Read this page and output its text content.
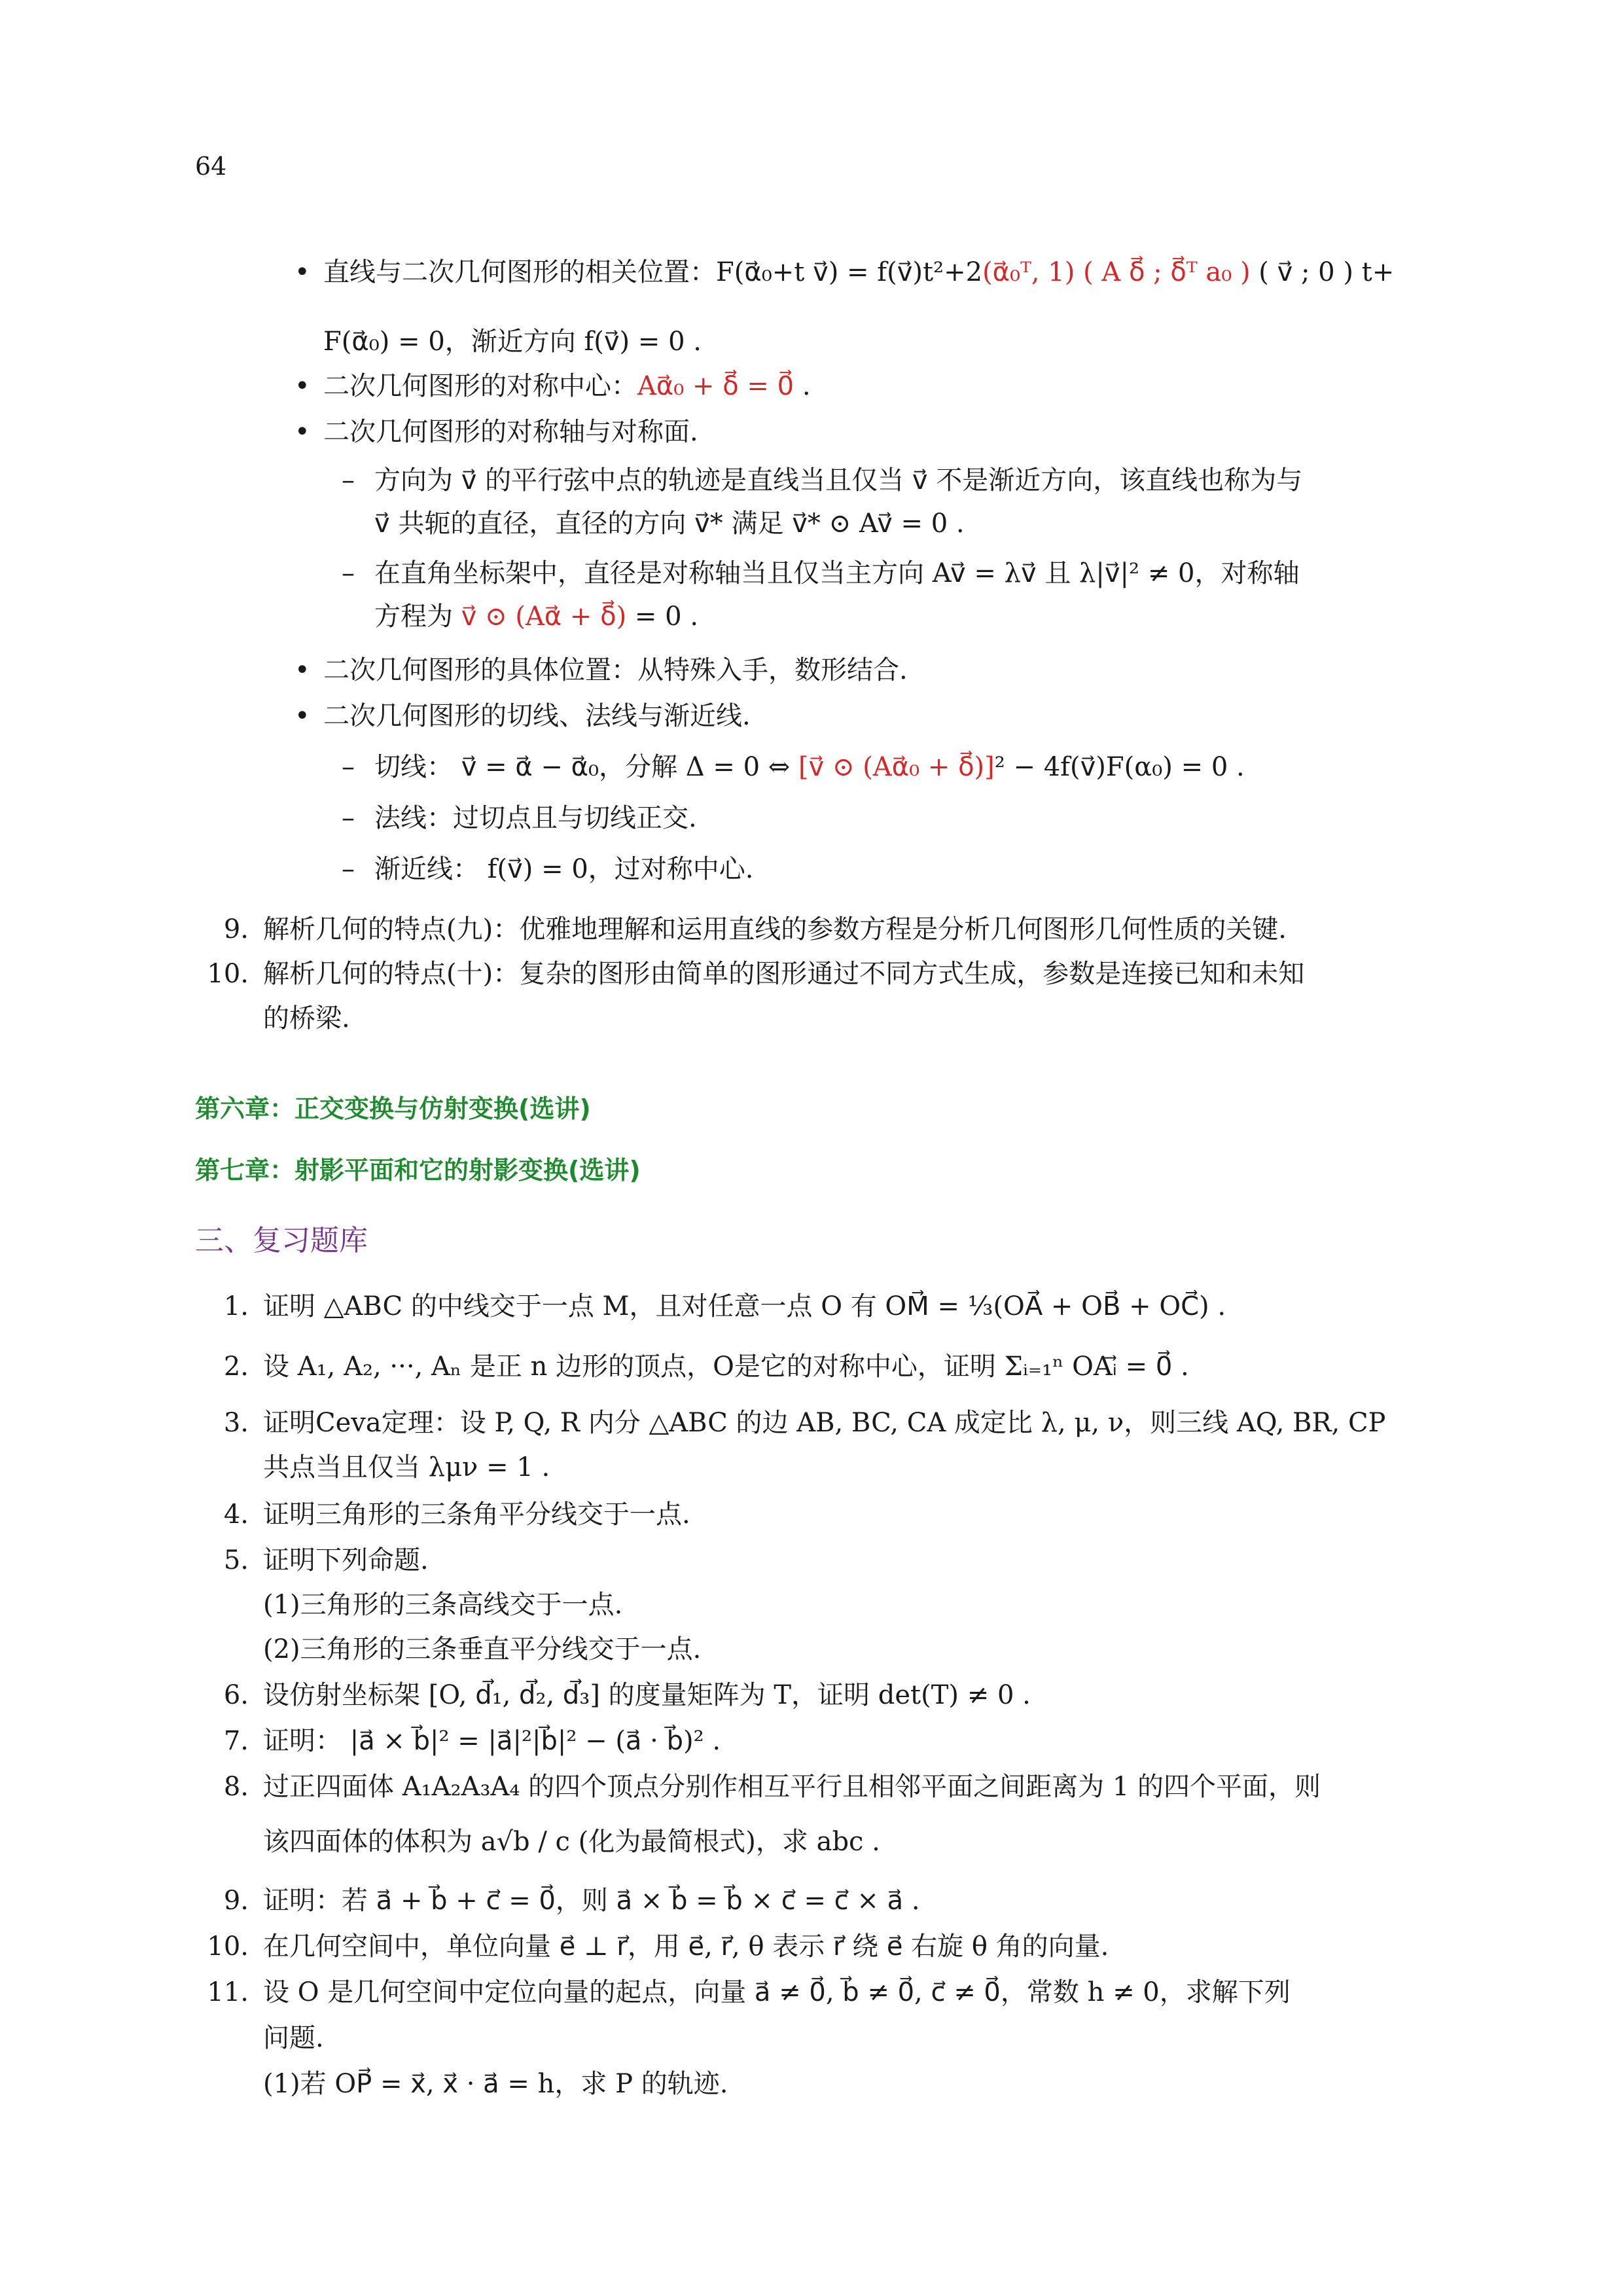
64
• 直线与二次几何图形的相关位置：F(α⃗₀+t v⃗) = f(v⃗)t²+2(α⃗₀ᵀ, 1) ( A δ⃗ ; δ⃗ᵀ a₀ ) ( v⃗ ; 0 ) t+
F(α⃗₀) = 0，渐近方向 f(v⃗) = 0 .
• 二次几何图形的对称中心：Aα⃗₀ + δ⃗ = 0⃗ .
• 二次几何图形的对称轴与对称面.
– 方向为 v⃗ 的平行弦中点的轨迹是直线当且仅当 v⃗ 不是渐近方向，该直线也称为与
v⃗ 共轭的直径，直径的方向 v⃗* 满足 v⃗* ⊙ Av⃗ = 0 .
– 在直角坐标架中，直径是对称轴当且仅当主方向 Av⃗ = λv⃗ 且 λ|v⃗|² ≠ 0，对称轴
方程为 v⃗ ⊙ (Aα⃗ + δ⃗) = 0 .
• 二次几何图形的具体位置：从特殊入手，数形结合.
• 二次几何图形的切线、法线与渐近线.
– 切线： v⃗ = α⃗ − α⃗₀，分解 Δ = 0 ⇔ [v⃗ ⊙ (Aα⃗₀ + δ⃗)]² − 4f(v⃗)F(α₀) = 0 .
– 法线：过切点且与切线正交.
– 渐近线： f(v⃗) = 0，过对称中心.
9. 解析几何的特点(九)：优雅地理解和运用直线的参数方程是分析几何图形几何性质的关键.
10. 解析几何的特点(十)：复杂的图形由简单的图形通过不同方式生成，参数是连接已知和未知
的桥梁.
第六章：正交变换与仿射变换(选讲)
第七章：射影平面和它的射影变换(选讲)
三、复习题库
1. 证明 △ABC 的中线交于一点 M，且对任意一点 O 有 OM⃗ = ⅓(OA⃗ + OB⃗ + OC⃗) .
2. 设 A₁, A₂, ···, Aₙ 是正 n 边形的顶点，O是它的对称中心，证明 Σᵢ₌₁ⁿ OAᵢ⃗ = 0⃗ .
3. 证明Ceva定理：设 P, Q, R 内分 △ABC 的边 AB, BC, CA 成定比 λ, μ, ν，则三线 AQ, BR, CP
共点当且仅当 λμν = 1 .
4. 证明三角形的三条角平分线交于一点.
5. 证明下列命题.
(1)三角形的三条高线交于一点.
(2)三角形的三条垂直平分线交于一点.
6. 设仿射坐标架 [O, d⃗₁, d⃗₂, d⃗₃] 的度量矩阵为 T，证明 det(T) ≠ 0 .
7. 证明： |a⃗ × b⃗|² = |a⃗|²|b⃗|² − (a⃗ · b⃗)² .
8. 过正四面体 A₁A₂A₃A₄ 的四个顶点分别作相互平行且相邻平面之间距离为 1 的四个平面，则
该四面体的体积为 a√b / c (化为最简根式)，求 abc .
9. 证明：若 a⃗ + b⃗ + c⃗ = 0⃗，则 a⃗ × b⃗ = b⃗ × c⃗ = c⃗ × a⃗ .
10. 在几何空间中，单位向量 e⃗ ⊥ r⃗，用 e⃗, r⃗, θ 表示 r⃗ 绕 e⃗ 右旋 θ 角的向量.
11. 设 O 是几何空间中定位向量的起点，向量 a⃗ ≠ 0⃗, b⃗ ≠ 0⃗, c⃗ ≠ 0⃗，常数 h ≠ 0，求解下列
问题.
(1)若 OP⃗ = x⃗, x⃗ · a⃗ = h，求 P 的轨迹.
